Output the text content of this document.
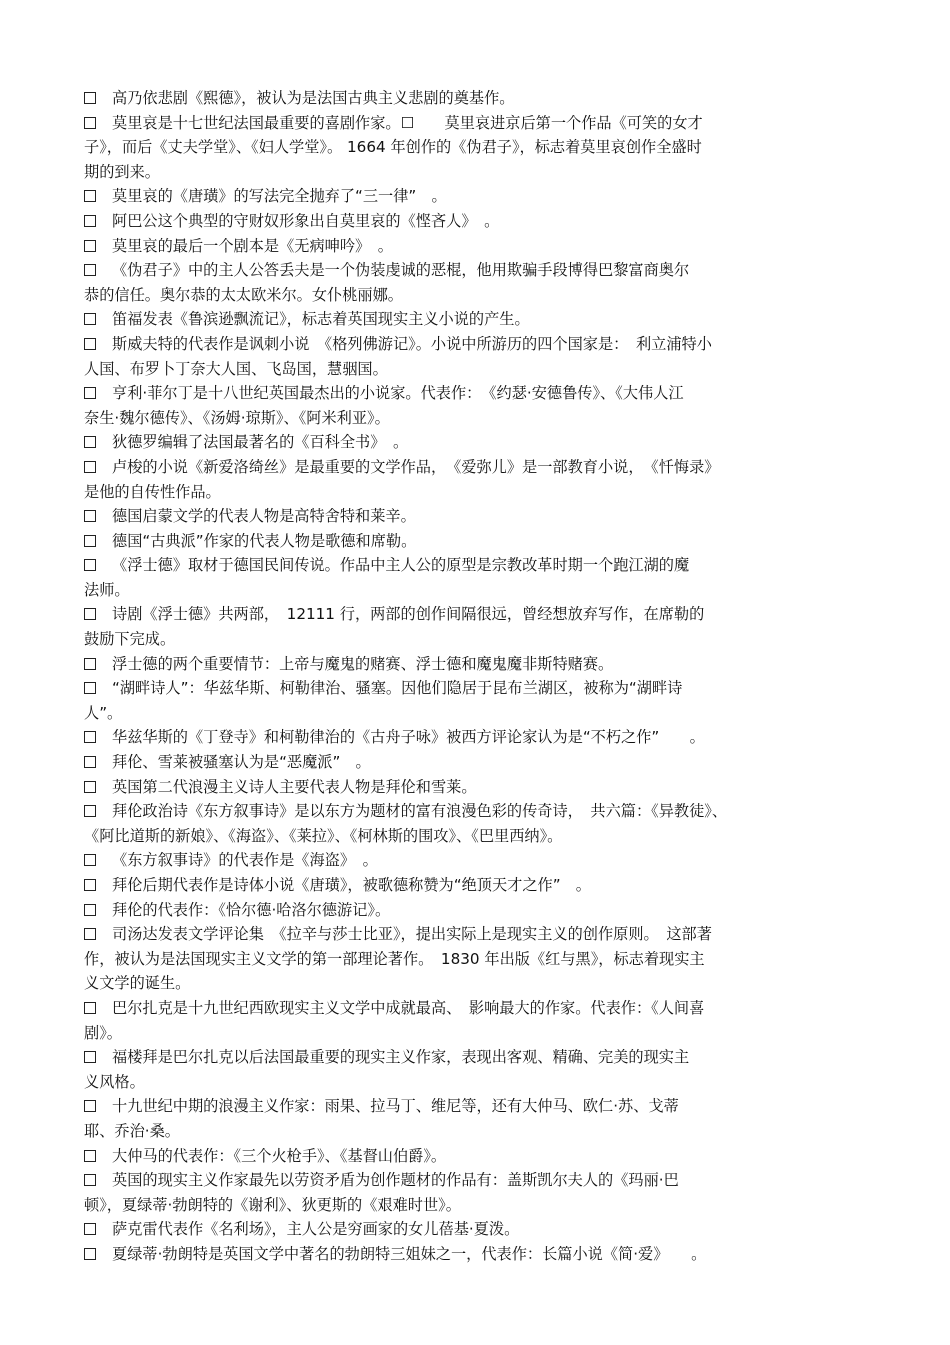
高乃依悲剧《熙德》，被认为是法国古典主义悲剧的奠基作。
莫里哀是十七世纪法国最重要的喜剧作家。☐　　莫里哀进京后第一个作品《可笑的女才
子》，而后《丈夫学堂》、《妇人学堂》。 1664 年创作的《伪君子》，标志着莫里哀创作全盛时
期的到来。
莫里哀的《唐璜》的写法完全抛弃了“三一律”　。
阿巴公这个典型的守财奴形象出自莫里哀的《悭吝人》　。
莫里哀的最后一个剧本是《无病呻吟》　。
《伪君子》中的主人公答丢夫是一个伪装虔诚的恶棍，他用欺骗手段博得巴黎富商奥尔
恭的信任。奥尔恭的太太欧米尔。女仆桃丽娜。
笛福发表《鲁滨逊飘流记》，标志着英国现实主义小说的产生。
斯威夫特的代表作是讽刺小说　《格列佛游记》。小说中所游历的四个国家是：　利立浦特小
人国、布罗卜丁奈大人国、飞岛国，慧骃国。
亨利·菲尔丁是十八世纪英国最杰出的小说家。代表作：　《约瑟·安德鲁传》、《大伟人江
奈生·魏尔德传》、《汤姆·琼斯》、《阿米利亚》。
狄德罗编辑了法国最著名的《百科全书》　。
卢梭的小说《新爱洛绮丝》是最重要的文学作品，　《爱弥儿》是一部教育小说，　《忏悔录》
是他的自传性作品。
德国启蒙文学的代表人物是高特舍特和莱辛。
德国“古典派”作家的代表人物是歌德和席勒。
《浮士德》取材于德国民间传说。作品中主人公的原型是宗教改革时期一个跑江湖的魔
法师。
诗剧《浮士德》共两部，　12111 行，两部的创作间隔很远，曾经想放弃写作，在席勒的
鼓励下完成。
浮士德的两个重要情节：上帝与魔鬼的赌赛、浮士德和魔鬼魔非斯特赌赛。
“湖畔诗人”：华兹华斯、柯勒律治、骚塞。因他们隐居于昆布兰湖区，被称为“湖畔诗
人”。
华兹华斯的《丁登寺》和柯勒律治的《古舟子咏》被西方评论家认为是“不朽之作”　　。
拜伦、雪莱被骚塞认为是“恶魔派”　。
英国第二代浪漫主义诗人主要代表人物是拜伦和雪莱。
拜伦政治诗《东方叙事诗》是以东方为题材的富有浪漫色彩的传奇诗，　共六篇：《异教徒》、
《阿比道斯的新娘》、《海盗》、《莱拉》、《柯林斯的围攻》、《巴里西纳》。
《东方叙事诗》的代表作是《海盗》　。
拜伦后期代表作是诗体小说《唐璜》，被歌德称赞为“绝顶天才之作”　。
拜伦的代表作：《恰尔德·哈洛尔德游记》。
司汤达发表文学评论集　《拉辛与莎士比亚》，提出实际上是现实主义的创作原则。　这部著
作，被认为是法国现实主义文学的第一部理论著作。　1830 年出版《红与黑》，标志着现实主
义文学的诞生。
巴尔扎克是十九世纪西欧现实主义文学中成就最高、　影响最大的作家。代表作：《人间喜
剧》。
福楼拜是巴尔扎克以后法国最重要的现实主义作家，表现出客观、精确、完美的现实主
义风格。
十九世纪中期的浪漫主义作家：雨果、拉马丁、维尼等，还有大仲马、欧仁·苏、戈蒂
耶、乔治·桑。
大仲马的代表作：《三个火枪手》、《基督山伯爵》。
英国的现实主义作家最先以劳资矛盾为创作题材的作品有：盖斯凯尔夫人的《玛丽·巴
顿》，夏绿蒂·勃朗特的《谢利》、狄更斯的《艰难时世》。
萨克雷代表作《名利场》，主人公是穷画家的女儿蓓基·夏泼。
夏绿蒂·勃朗特是英国文学中著名的勃朗特三姐妹之一，代表作：长篇小说《简·爱》　　。
